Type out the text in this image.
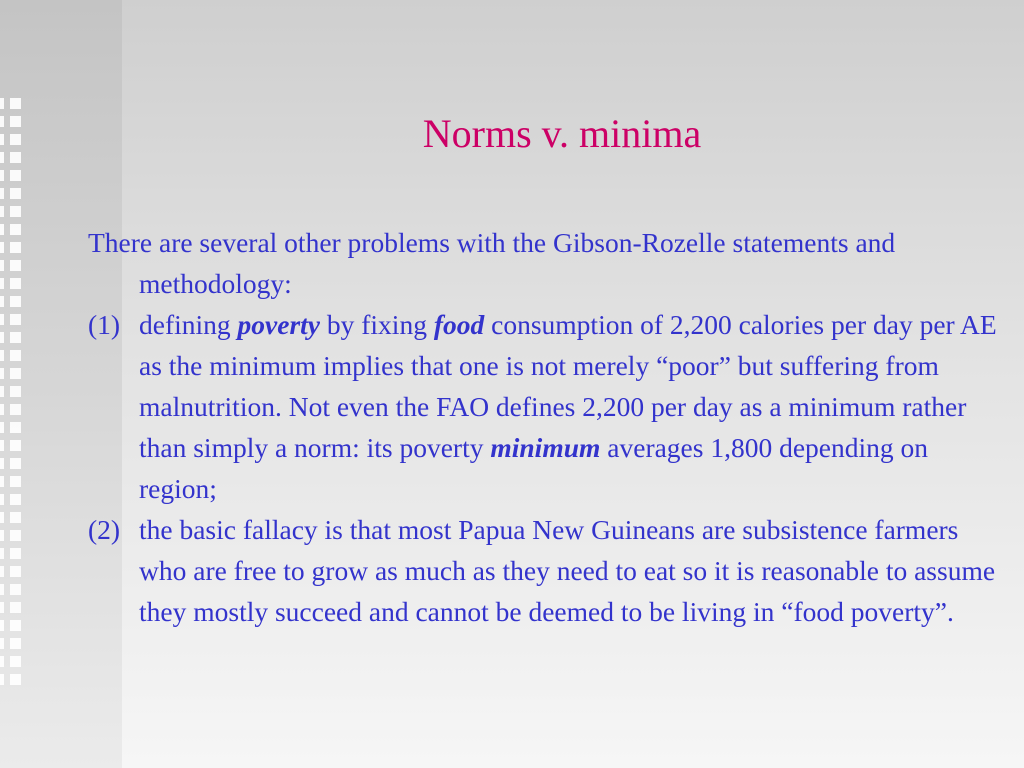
Norms v. minima

There are several other problems with the Gibson-Rozelle statements and methodology:

(1) defining poverty by fixing food consumption of 2,200 calories per day per AE as the minimum implies that one is not merely “poor” but suffering from malnutrition. Not even the FAO defines 2,200 per day as a minimum rather than simply a norm: its poverty minimum averages 1,800 depending on region;
(2) the basic fallacy is that most Papua New Guineans are subsistence farmers who are free to grow as much as they need to eat so it is reasonable to assume they mostly succeed and cannot be deemed to be living in “food poverty”.
